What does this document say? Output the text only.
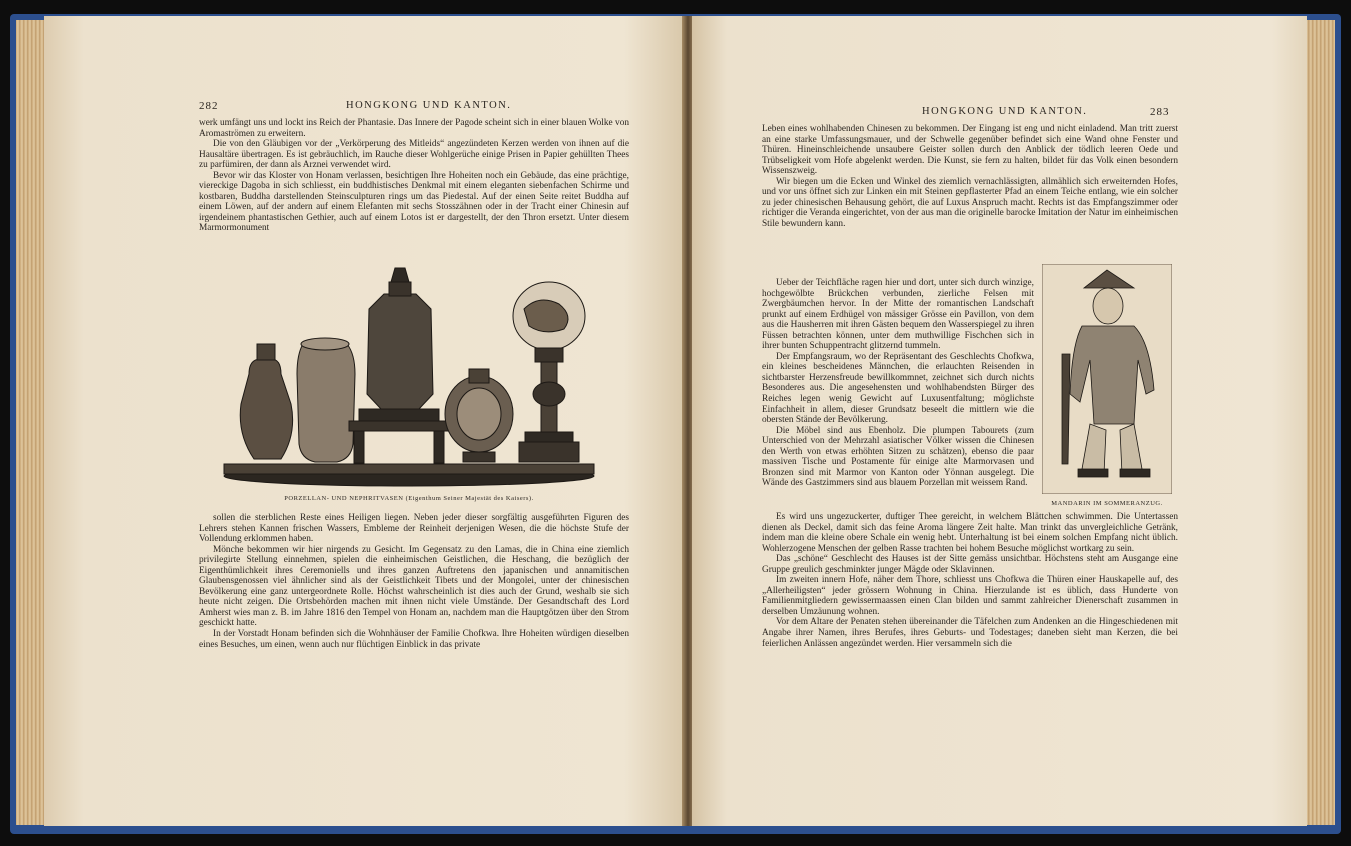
282	HONGKONG UND KANTON.

werk umfängt uns und lockt ins Reich der Phantasie. Das Innere der Pagode scheint sich in einer blauen Wolke von Aromaströmen zu erweitern.

Die von den Gläubigen vor der „Verkörperung des Mitleids“ angezündeten Kerzen werden von ihnen auf die Hausaltäre übertragen. Es ist gebräuchlich, im Rauche dieser Wohlgerüche einige Prisen in Papier gehüllten Thees zu parfümiren, der dann als Arznei verwendet wird.

Bevor wir das Kloster von Honam verlassen, besichtigen Ihre Hoheiten noch ein Gebäude, das eine prächtige, viereckige Dagoba in sich schliesst, ein buddhistisches Denkmal mit einem eleganten siebenfachen Schirme und kostbaren, Buddha darstellenden Steinsculpturen rings um das Piedestal. Auf der einen Seite reitet Buddha auf einem Löwen, auf der andern auf einem Elefanten mit sechs Stosszähnen oder in der Tracht einer Chinesin auf irgendeinem phantastischen Gethier, auch auf einem Lotos ist er dargestellt, der den Thron ersetzt. Unter diesem Marmormonument

PORZELLAN- UND NEPHRITVASEN (Eigenthum Seiner Majestät des Kaisers).

sollen die sterblichen Reste eines Heiligen liegen. Neben jeder dieser sorgfältig ausgeführten Figuren des Lehrers stehen Kannen frischen Wassers, Embleme der Reinheit derjenigen Wesen, die die höchste Stufe der Vollendung erklommen haben.

Mönche bekommen wir hier nirgends zu Gesicht. Im Gegensatz zu den Lamas, die in China eine ziemlich privilegirte Stellung einnehmen, spielen die einheimischen Geistlichen, die Heschang, die bezüglich der Eigenthümlichkeit ihres Ceremoniells und ihres ganzen Auftretens den japanischen und annamitischen Glaubensgenossen viel ähnlicher sind als der Geistlichkeit Tibets und der Mongolei, unter der chinesischen Bevölkerung eine ganz untergeordnete Rolle. Höchst wahrscheinlich ist dies auch der Grund, weshalb sie sich heute nicht zeigen. Die Ortsbehörden machen mit ihnen nicht viele Umstände. Der Gesandtschaft des Lord Amherst wies man z. B. im Jahre 1816 den Tempel von Honam an, nachdem man die Hauptgötzen über den Strom geschickt hatte.

In der Vorstadt Honam befinden sich die Wohnhäuser der Familie Chofkwa. Ihre Hoheiten würdigen dieselben eines Besuches, um einen, wenn auch nur flüchtigen Einblick in das private

HONGKONG UND KANTON.	283

Leben eines wohlhabenden Chinesen zu bekommen. Der Eingang ist eng und nicht einladend. Man tritt zuerst an eine starke Umfassungsmauer, und der Schwelle gegenüber befindet sich eine Wand ohne Fenster und Thüren. Hineinschleichende unsaubere Geister sollen durch den Anblick der tödlich leeren Oede und Trübseligkeit vom Hofe abgelenkt werden. Die Kunst, sie fern zu halten, bildet für das Volk einen besondern Wissenszweig.

Wir biegen um die Ecken und Winkel des ziemlich vernachlässigten, allmählich sich erweiternden Hofes, und vor uns öffnet sich zur Linken ein mit Steinen gepflasterter Pfad an einem Teiche entlang, wie ein solcher zu jeder chinesischen Behausung gehört, die auf Luxus Anspruch macht. Rechts ist das Empfangszimmer oder richtiger die Veranda eingerichtet, von der aus man die originelle barocke Imitation der Natur im einheimischen Stile bewundern kann.

Ueber der Teichfläche ragen hier und dort, unter sich durch winzige, hochgewölbte Brückchen verbunden, zierliche Felsen mit Zwergbäumchen hervor. In der Mitte der romantischen Landschaft prunkt auf einem Erdhügel von mässiger Grösse ein Pavillon, von dem aus die Hausherren mit ihren Gästen bequem den Wasserspiegel zu ihren Füssen betrachten können, unter dem muthwillige Fischchen sich in ihrer bunten Schuppentracht glitzernd tummeln.

Der Empfangsraum, wo der Repräsentant des Geschlechts Chofkwa, ein kleines bescheidenes Männchen, die erlauchten Reisenden in sichtbarster Herzensfreude bewillkommnet, zeichnet sich durch nichts Besonderes aus. Die angesehensten und wohlhabendsten Bürger des Reiches legen wenig Gewicht auf Luxusentfaltung; möglichste Einfachheit in allem, dieser Grundsatz beseelt die mittlern wie die obersten Stände der Bevölkerung.

Die Möbel sind aus Ebenholz. Die plumpen Tabourets (zum Unterschied von der Mehrzahl asiatischer Völker wissen die Chinesen den Werth von etwas erhöhten Sitzen zu schätzen), ebenso die paar massiven Tische und Postamente für einige alte Marmorvasen und Bronzen sind mit Marmor von Kanton oder Yönnan ausgelegt. Die Wände des Gastzimmers sind aus blauem Porzellan mit weissem Rand.

MANDARIN IM SOMMERANZUG.

Es wird uns ungezuckerter, duftiger Thee gereicht, in welchem Blättchen schwimmen. Die Untertassen dienen als Deckel, damit sich das feine Aroma längere Zeit halte. Man trinkt das unvergleichliche Getränk, indem man die kleine obere Schale ein wenig hebt. Unterhaltung ist bei einem solchen Empfang nicht üblich. Wohlerzogene Menschen der gelben Rasse trachten bei hohem Besuche möglichst wortkarg zu sein.

Das „schöne“ Geschlecht des Hauses ist der Sitte gemäss unsichtbar. Höchstens steht am Ausgange eine Gruppe greulich geschminkter junger Mägde oder Sklavinnen.

Im zweiten innern Hofe, näher dem Thore, schliesst uns Chofkwa die Thüren einer Hauskapelle auf, des „Allerheiligsten“ jeder grössern Wohnung in China. Hierzulande ist es üblich, dass Hunderte von Familienmitgliedern gewissermaassen einen Clan bilden und sammt zahlreicher Dienerschaft zusammen in derselben Umzäunung wohnen.

Vor dem Altare der Penaten stehen übereinander die Täfelchen zum Andenken an die Hingeschiedenen mit Angabe ihrer Namen, ihres Berufes, ihres Geburts- und Todestages; daneben sieht man Kerzen, die bei feierlichen Anlässen angezündet werden. Hier versammeln sich die
